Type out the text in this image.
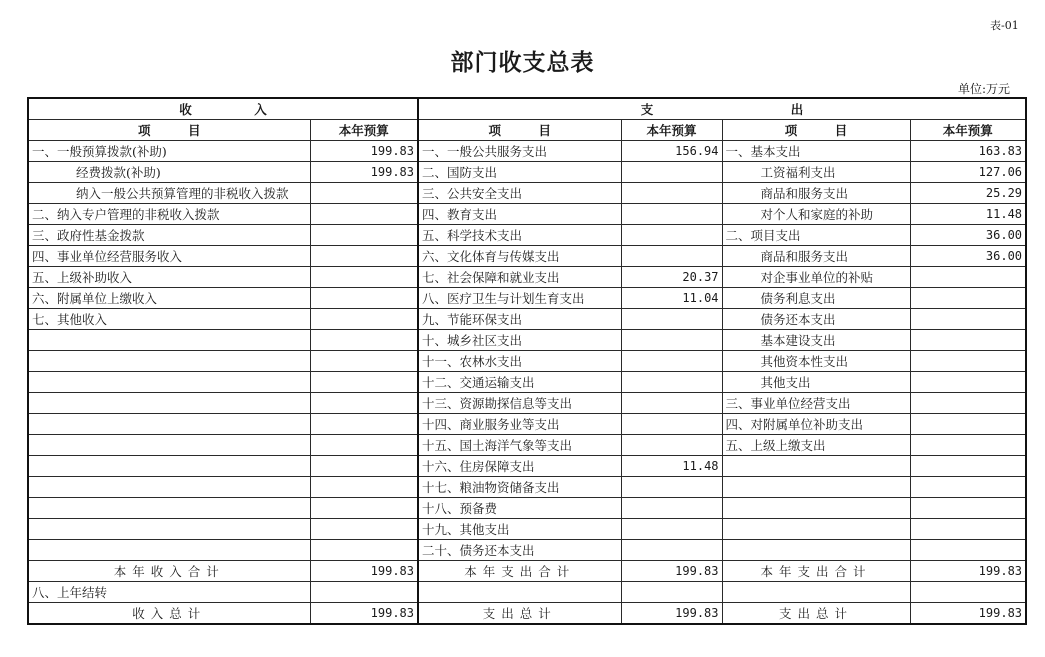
表-01
部门收支总表
单位:万元
收　　　　　入		支　　　　　　　　　　　出			
项　　　目	本年预算	项　　　目	本年预算	项　　　目	本年预算
一、一般预算拨款(补助)	199.83	一、一般公共服务支出	156.94	一、基本支出	163.83
经费拨款(补助)	199.83	二、国防支出		工资福利支出	127.06
纳入一般公共预算管理的非税收入拨款		三、公共安全支出		商品和服务支出	25.29
二、纳入专户管理的非税收入拨款		四、教育支出		对个人和家庭的补助	11.48
三、政府性基金拨款		五、科学技术支出		二、项目支出	36.00
四、事业单位经营服务收入		六、文化体育与传媒支出		商品和服务支出	36.00
五、上级补助收入		七、社会保障和就业支出	20.37	对企事业单位的补贴	
六、附属单位上缴收入		八、医疗卫生与计划生育支出	11.04	债务利息支出	
七、其他收入		九、节能环保支出		债务还本支出	
		十、城乡社区支出		基本建设支出	
		十一、农林水支出		其他资本性支出	
		十二、交通运输支出		其他支出	
		十三、资源勘探信息等支出		三、事业单位经营支出	
		十四、商业服务业等支出		四、对附属单位补助支出	
		十五、国土海洋气象等支出		五、上级上缴支出	
		十六、住房保障支出	11.48		
		十七、粮油物资储备支出			
		十八、预备费			
		十九、其他支出			
		二十、债务还本支出			
本年收入合计	199.83	本年支出合计	199.83	本年支出合计	199.83
八、上年结转					
收入总计	199.83	支出总计	199.83	支出总计	199.83
